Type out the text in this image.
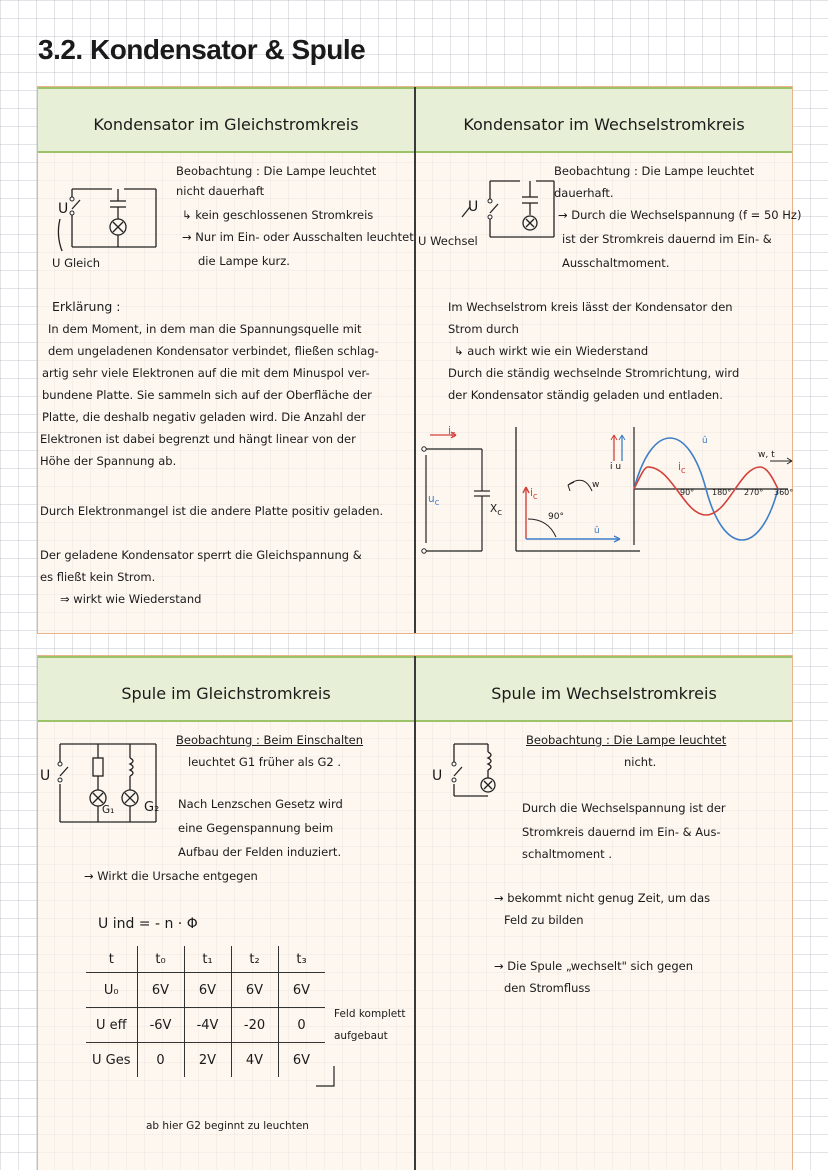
3.2. Kondensator & Spule
Kondensator im Gleichstromkreis	Kondensator im Wechselstromkreis
U
U Gleich
Beobachtung : Die Lampe leuchtet
nicht dauerhaft
↳ kein geschlossenen Stromkreis
→ Nur im Ein- oder Ausschalten leuchtet
die Lampe kurz.
Erklärung :
In dem Moment, in dem man die Spannungsquelle mit
dem ungeladenen Kondensator verbindet, fließen schlag-
artig sehr viele Elektronen auf die mit dem Minuspol ver-
bundene Platte. Sie sammeln sich auf der Oberfläche der
Platte, die deshalb negativ geladen wird. Die Anzahl der
Elektronen ist dabei begrenzt und hängt linear von der
Höhe der Spannung ab.
Durch Elektronmangel ist die andere Platte positiv geladen.
Der geladene Kondensator sperrt die Gleichspannung &
es fließt kein Strom.
⇒ wirkt wie Wiederstand
U
U Wechsel
Beobachtung : Die Lampe leuchtet
dauerhaft.
→ Durch die Wechselspannung (f = 50 Hz)
ist der Stromkreis dauernd im Ein- &
Ausschaltmoment.
Im Wechselstrom kreis lässt der Kondensator den
Strom durch
↳ auch wirkt wie ein Wiederstand
Durch die ständig wechselnde Stromrichtung, wird
der Kondensator ständig geladen und entladen.
$i_c$
$u_c$	$X_c$
$i_c$
90°
w
û
i u
w, t
û
$i_c$
90° 180° 270° 360°
Spule im Gleichstromkreis	Spule im Wechselstromkreis
U
G₁ G₂
Beobachtung : Beim Einschalten
leuchtet G1 früher als G2 .
Nach Lenzschen Gesetz wird
eine Gegenspannung beim
Aufbau der Felden induziert.
→ Wirkt die Ursache entgegen
U ind = - n · Φ
t	t₀	t₁	t₂	t₃
U₀	6V	6V	6V	6V
U eff	-6V	-4V	-20	0
U Ges	0	2V	4V	6V
Feld komplett
aufgebaut
ab hier G2 beginnt zu leuchten
U
Beobachtung : Die Lampe leuchtet
nicht.
Durch die Wechselspannung ist der
Stromkreis dauernd im Ein- & Aus-
schaltmoment .
→ bekommt nicht genug Zeit, um das
Feld zu bilden
→ Die Spule „wechselt" sich gegen
den Stromfluss
